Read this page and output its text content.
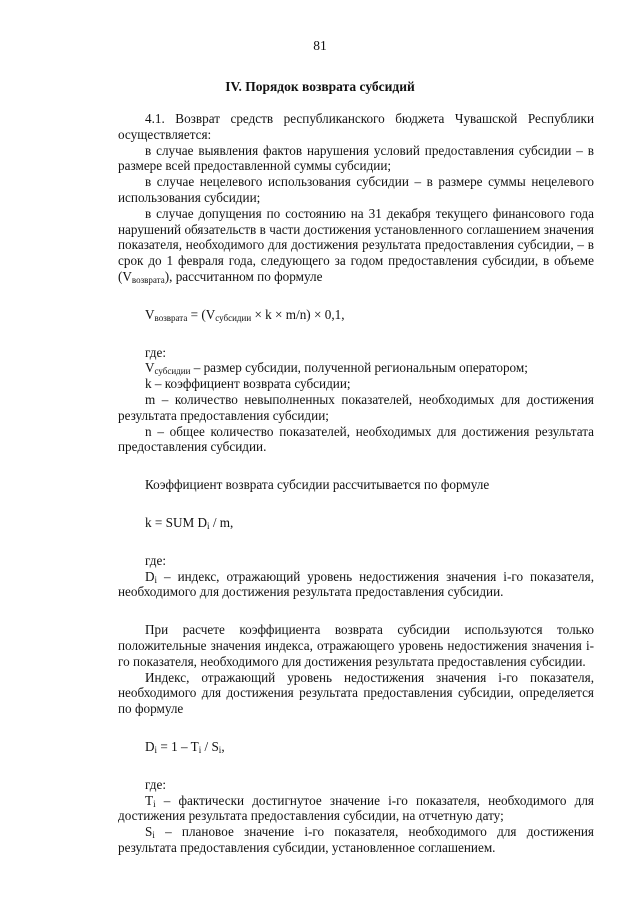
81
IV. Порядок возврата субсидий

4.1. Возврат средств республиканского бюджета Чувашской Республики осуществляется:

в случае выявления фактов нарушения условий предоставления субсидии – в размере всей предоставленной суммы субсидии;

в случае нецелевого использования субсидии – в размере суммы нецелевого использования субсидии;

в случае допущения по состоянию на 31 декабря текущего финансового года нарушений обязательств в части достижения установленного соглашением значения показателя, необходимого для достижения результата предоставления субсидии, – в срок до 1 февраля года, следующего за годом предоставления субсидии, в объеме $(V_{возврата})$, рассчитанном по формуле

$V_{возврата} = (V_{субсидии} \times k \times m/n) \times 0,1$,

где:

$V_{субсидии}$ – размер субсидии, полученной региональным оператором;

k – коэффициент возврата субсидии;

m – количество невыполненных показателей, необходимых для достижения результата предоставления субсидии;

n – общее количество показателей, необходимых для достижения результата предоставления субсидии.

Коэффициент возврата субсидии рассчитывается по формуле

k = SUM $D_i$ / m,

где:

$D_i$ – индекс, отражающий уровень недостижения значения i-го показателя, необходимого для достижения результата предоставления субсидии.

При расчете коэффициента возврата субсидии используются только положительные значения индекса, отражающего уровень недостижения значения i-го показателя, необходимого для достижения результата предоставления субсидии.

Индекс, отражающий уровень недостижения значения i-го показателя, необходимого для достижения результата предоставления субсидии, определяется по формуле

$D_i = 1 - T_i / S_i$,

где:

$T_i$ – фактически достигнутое значение i-го показателя, необходимого для достижения результата предоставления субсидии, на отчетную дату;

$S_i$ – плановое значение i-го показателя, необходимого для достижения результата предоставления субсидии, установленное соглашением.
